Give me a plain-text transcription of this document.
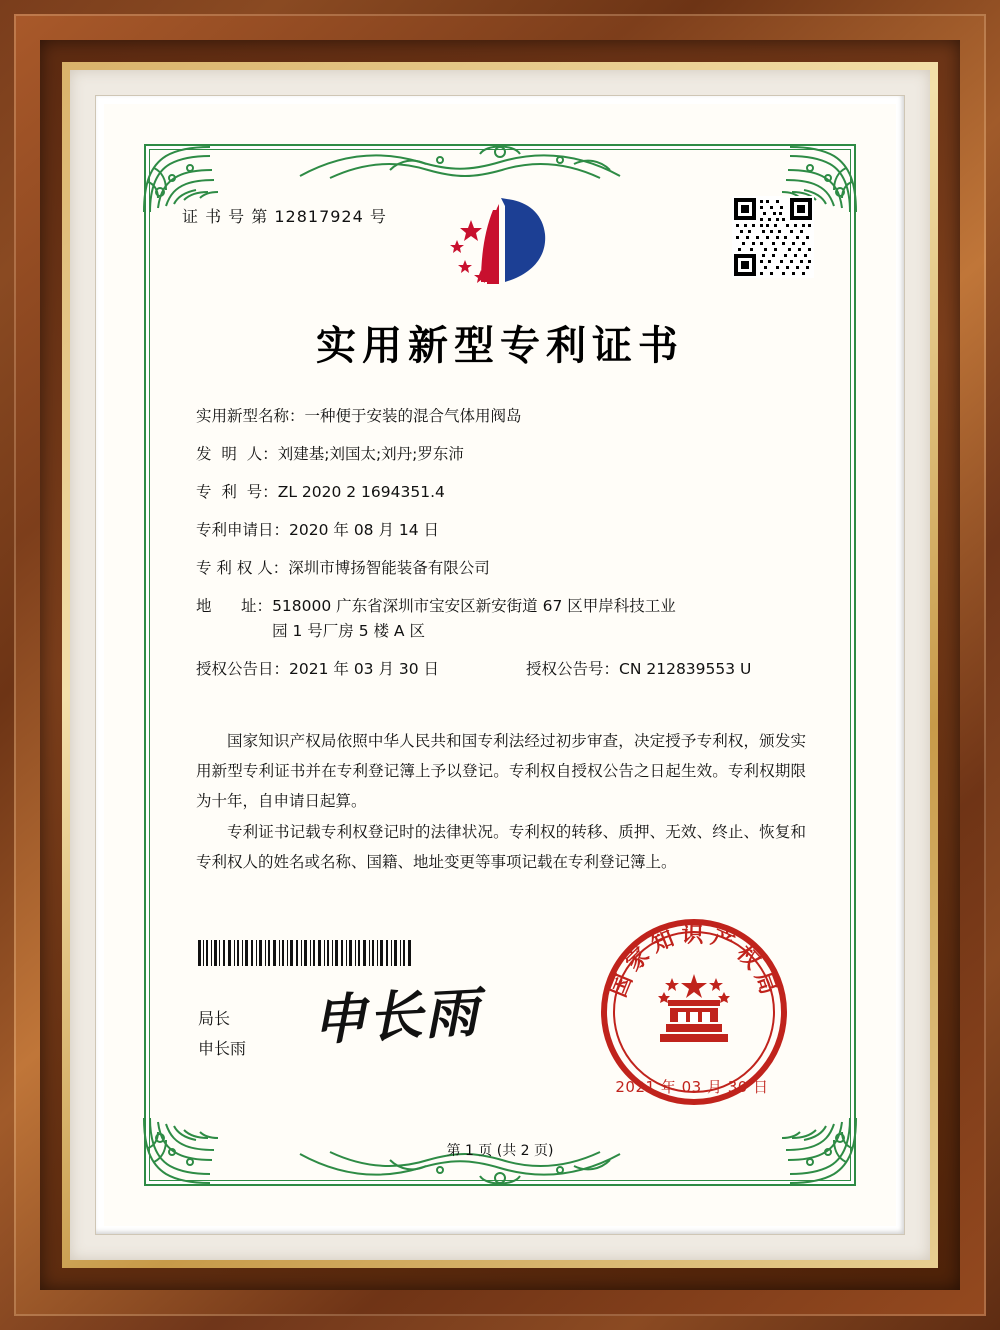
证 书 号 第 12817924 号
实用新型专利证书
实用新型名称： 一种便于安装的混合气体用阀岛
发  明  人： 刘建基;刘国太;刘丹;罗东沛
专  利  号： ZL 2020 2 1694351.4
专利申请日： 2020 年 08 月 14 日
专 利 权 人： 深圳市博扬智能装备有限公司
地      址： 518000 广东省深圳市宝安区新安街道 67 区甲岸科技工业
园 1 号厂房 5 楼 A 区
授权公告日： 2021 年 03 月 30 日	授权公告号： CN 212839553 U

国家知识产权局依照中华人民共和国专利法经过初步审查，决定授予专利权，颁发实用新型专利证书并在专利登记簿上予以登记。专利权自授权公告之日起生效。专利权期限为十年，自申请日起算。

专利证书记载专利权登记时的法律状况。专利权的转移、质押、无效、终止、恢复和专利权人的姓名或名称、国籍、地址变更等事项记载在专利登记簿上。

局长
申长雨 申长雨	国家知识产权局
2021 年 03 月 30 日
第 1 页 (共 2 页)
